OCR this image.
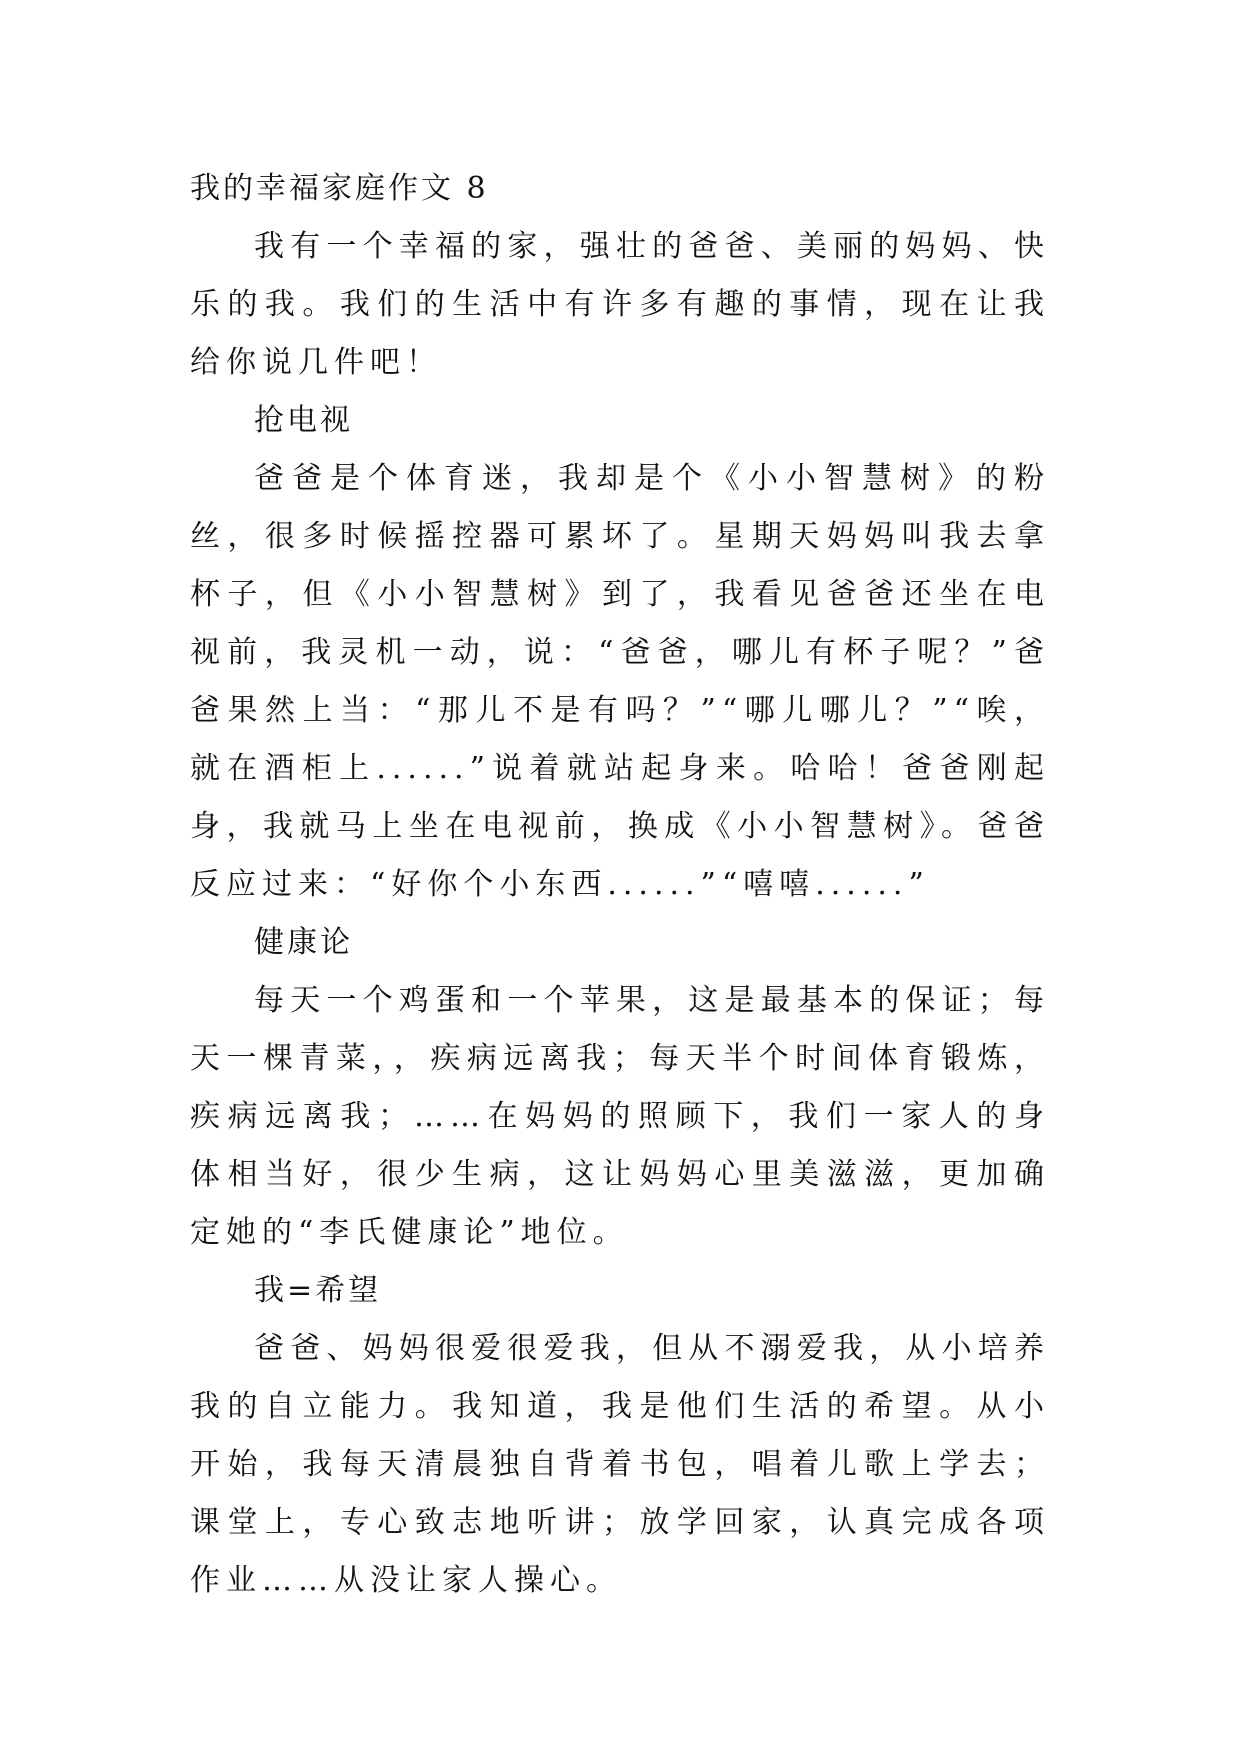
我的幸福家庭作文 8

我有一个幸福的家，强壮的爸爸、美丽的妈妈、快乐的我。我们的生活中有许多有趣的事情，现在让我给你说几件吧！

抢电视

爸爸是个体育迷，我却是个《小小智慧树》的粉丝，很多时候摇控器可累坏了。星期天妈妈叫我去拿杯子，但《小小智慧树》到了，我看见爸爸还坐在电视前，我灵机一动，说：“爸爸，哪儿有杯子呢？”爸爸果然上当：“那儿不是有吗？”“哪儿哪儿？”“唉，就在酒柜上......”说着就站起身来。哈哈！爸爸刚起身，我就马上坐在电视前，换成《小小智慧树》。爸爸反应过来：“好你个小东西......”“嘻嘻......”

健康论

每天一个鸡蛋和一个苹果，这是最基本的保证；每天一棵青菜，，疾病远离我；每天半个时间体育锻炼，疾病远离我；……在妈妈的照顾下，我们一家人的身体相当好，很少生病，这让妈妈心里美滋滋，更加确定她的“李氏健康论”地位。

我=希望

爸爸、妈妈很爱很爱我，但从不溺爱我，从小培养我的自立能力。我知道，我是他们生活的希望。从小开始，我每天清晨独自背着书包，唱着儿歌上学去；课堂上，专心致志地听讲；放学回家，认真完成各项作业……从没让家人操心。
